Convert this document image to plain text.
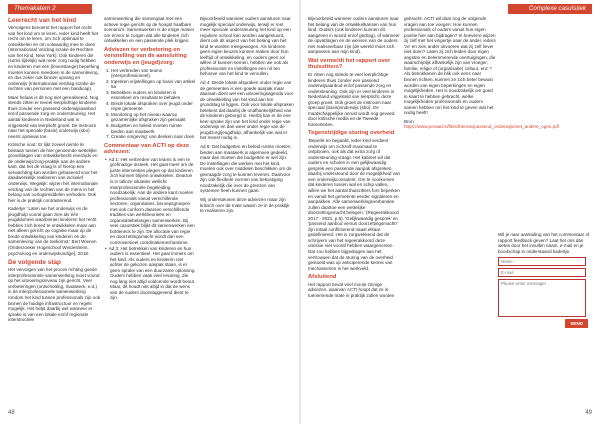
Themakatern 2	Complexe casuïstiek
Leerrecht van het kind

Vervolgens benoemt het rapport het recht van het kind om te leren. Ieder kind heeft het recht om te leren, om zich optimaal te ontwikkelen en om volwaardig mee te doen (Internationaal Verdrag inzake de Rechten van het Kind, New York). Ook kinderen die (soms tijdelijk) wat meer zorg nodig hebben en kinderen met een (levenslange) beperking moeten kunnen meedoen in de samenleving, en dus zeker ook binnen opvang en onderwijs (Internationaal verdrag inzake de rechten van personen met een handicap).

Maar helaas is dit nog niet gerealiseerd. Nog steeds zitten er teveel leerplichtige kinderen thuis zonder een passend onderwijsaanbod en/of passende zorg en ondersteuning. Het aantal kinderen in Nederland wat is vrijgesteld van leerplicht groeit. De instroom naar het speciale (basis) onderwijs (sbo) neemt opnieuw toe.

Kritische noot: Er lijkt zoveel ruimte te bestaan tussen de hier genoemde wettelijke grondslagen van ontwikkelrecht enerzijds en de onderwijs/zorg-praktijk aan de andere kant, dat het de vraag is of hierop een verwachting kan worden gebaseerd voor het daadwerkelijk realiseren van inclusief onderwijs. Wegwijk: wijzen het internationale verdrag van de rechten van de mens in het belang van oorlogsmiddelen verboden. Ook hier is de praktijk contrasterend.

Kadertje: 'Laten we het onderwijs en de jeugdhulp vooral gaan zien als één jeugddomein waarbinnen kinderen het recht hebben zich breed te ontwikkelen maar aan niet alleen gericht op cognitie maar op de brede ontwikkeling van kinderen en de samenleving van de toekomst.' Bert Wienen (Onderzoeker Hogeschool Windesheim, psycholoog en onderwijskundige), 2018.

De volgende stap

Het vervolgen van het proces richting goede interprofessionele samenwerking moet vooral op het uitvoeringsniveau zijn gericht. Veel verbeteringen (ontschotting, maatwerk, e.d.) in de interprofessionele samenwerking rondom het kind tussen professionals zijn ook binnen de huidige infrastructuur en regels mogelijk. Het helpt daarbij wel wanneer er sprake is van een lokale en/of regionale interstructele

samenwerking die samengaat met een actieve regie gericht op de hoogst haalbare scenario's. Samenwerken is de enige manier om ervoor te zorgen dat alle kinderen zich ontwikkelen en een passende plek krijgen.

Adviezen ter verbetering en versnelling van de aansluiting onderwijs en (jeugd)zorg:
1. Het verbreden van teams (interprofessioneel)
2. Inperken vrijstellingen op basis van artikel 5a
3. Betrekken ouders en kinderen is essentieel om resultaat te behalen
4. Brede lokale afspraken over jeugd onder regie gemeente
5. Monitoring op het niveau waarop gezamenlijke afspraken zijn gemaakt
6. Budgetten en beleid moeten ruimte bieden aan maatwerk
7. Creatie omgeving: van denken naar doen
Commentaar van ACTI op deze adviezen:
• Ad 1: Het verbreden van teams is een te grofmazige insteek. Het gaat meer om de juiste interventies plegen op dat kinderen zich kunnen blijven ontwikkelen. Deartoe is in talloze situaties wellicht interprofessionele begeleiding noodzakelijk. Aan de andere kant moeten professionals vanuit verschillende sectoren, organisaties, beroepsgroepen met ook conform daarsen verschillende tradities van werktheorieën en organisatiebelangen samenwerken. Bij veel casuïstiek blijkt dit samenwerken een bottleneck te zijn. De allocatie van regie en doorzettingsmacht wordt dan een controversieel coördinatiemechanisme.
• Ad 3: Het betrekken van kinderen en hun ouders is essentieel. Het gaat immers om het kind. Als ouders en kinderen niet achter de gekozen aanpak staan, is er geen sprake van een duurzame oplossing. Ouders hebben vaak veel ervaring, die nog lang niet altijd voldoende wordt benut. Maar, dit houdt niet altijd in dat de wens van de ouders doorslaggevend dient te zijn.

Bijvoorbeeld wanneer ouders aansturen naar mogelijk speciaal onderwijs, terwijl er met meer speciale ondersteuning het kind op een reguliere school kan worden aangestuurd, dient ook dit aspect van het belang van het kind te worden meegewogen. Als kinderen geen eigen keuzes kunnen maken door hun leeftijd of ontwikkeling, en ouders geen rol willen of kunnen nemen, hebben we ook als professionals en instellingen een rol ten behoeve van het kind te vervullen.

Ad 4: Brede lokale afspraken onder regie van de gemeenten is een goede aanpak maar daaraan dient wel een uitvoeringsagenda voor de ontwikkeling van het kind aan ten grondslag te liggen. Ook voor lokale afspraken betekent dat daarbij de onafhankelijkheid van de kinderen geborgd is. Hierbij kan er de ene keer sprake zijn van het kind onder regie van onderwijs en dan weer onder regie van de jeugdzorg/jeugdhulp, afhankelijk van wat er het meest nodig is.

Ad 6: Dat budgetten en beleid ruimte moeten bieden aan maatwerk is algemeen gedeeld, maar dan moeten die budgetten er wel zijn. De instellingen die werken met het kind, moeten ook over middelen beschikken om de gevraagde zorg te kunnen leveren. Daarvoor zijn ook flexibele vormen van bekostiging noodzakelijk die over de grenzen van systemen heen kunnen gaan.

Wij ondersteunen deze adviezen maar zijn kritisch over de mate waarin ze in de praktijk te realiseren zijn.

Bijvoorbeeld wanneer ouders aansturen naar het belang van de ontwikkelkansen van hun kind. Ouders (ook kinderen kunnen dit aangeven in woord en/of gedrag), of wanneer de opvattingen en de wensen van de ouders niet realiseerbaar zijn (de wereld moet zich aanpassen aan mijn kind).

Wat vermeldt het rapport over thuiszitters?

Er zitten nog steeds te veel leerplichtige kinderen thuis zonder een passend onderwijsaanbod en/of passende zorg en ondersteuning. Ook zijn er veel kinderen in Nederland vrijgesteld van leerplicht, deze groep groeit. Ook groeit de instroom naar speciaal (basis)onderwijs (sbo). De maatschappelijke onrust wordt nog gevoed door kritische media en de Tweede Kamerleden.

Tegenstrijdige sturing overheid

'Beperkt en begaafd, ieder kind verdient onderwijs om zichzelf maximaal te ontplooien, ook als dat extra zorg of ondersteuning vraagt. Het kabinet wil dat ouders en scholen in een gelijkwaardig gesprek een passende aanpak afspreken, daarbij ondersteund door de mogelijkheid van een onderwijsconsulent. Om te voorkomen dat kinderen tussen wal en schip vallen, willen we het aantal thuiszitters fors beperken en vanuit het gemeente eerder signaleren en aanpakken. Alle samenwerkingsverbanden zullen daartoe een wettelijke doorzettingsmacht belegen.' (Regeerakkoord 2017 - 2021, p.9). 'Gelijkwaardig gesprek' en 'passend aanbod versus doorzettingsmacht!' zijn totaal conflicterend naast elkaar gedefinieerd. Het is zorgwekkend dat de schrijvers van het regeerakkoord deze omissie niet vooraf hebben waargenomen. Dat zou hebben bijgedragen aan het vertrouwen dat de sturing van de overheid gestoeld was op anticiperende kennis van mechanismen in het werkveld.

Afsluitend

Het rapport bevat veel mooie zinnige adviezen, waarvan ACTI hoopt dat ze in toenemende mate in praktijk zullen worden

gebracht. ACTI wil daar nog de volgende vragen aan toe voegen: Hoe kunnen professionals of ouders vanuit hun eigen positie hier aan bijdragen? In hoeverre wijzen zij zelf met het vingertje naar de ander, ieders 'ze' en zien ander uitvoeren wat zij zelf liever niet doen? Laten zij zich leiden door eigen angsten en belemmerende overtuigingen, die waarschijnlijk afhankelijk zijn van vroeger, familie, religie of (organisatie) cultuur, enz.? Als betrokkenen de blik ook eens naar binnen richten, kunnen ze zich beter bewust worden van eigen beperkingen en eigen mogelijkheden. Het is noodzakelijk om goed in kaart te hebben gebracht, welke mogelijkheden professionals en ouders samen hebben om het kind te geven wat het nodig heeft!

Bron: https://www.poraad.nl/files/themas/passend_onderwijs/met_andere_ogen.pdf

Wil je naar aanleiding van het commentaar of rapport feedback geven? Laat het ons dan weten door het invullen naam, e-mail en je boodschap in onderstaand kadertje.

Name
E-mail
Please enter message!
SEND
48	49
